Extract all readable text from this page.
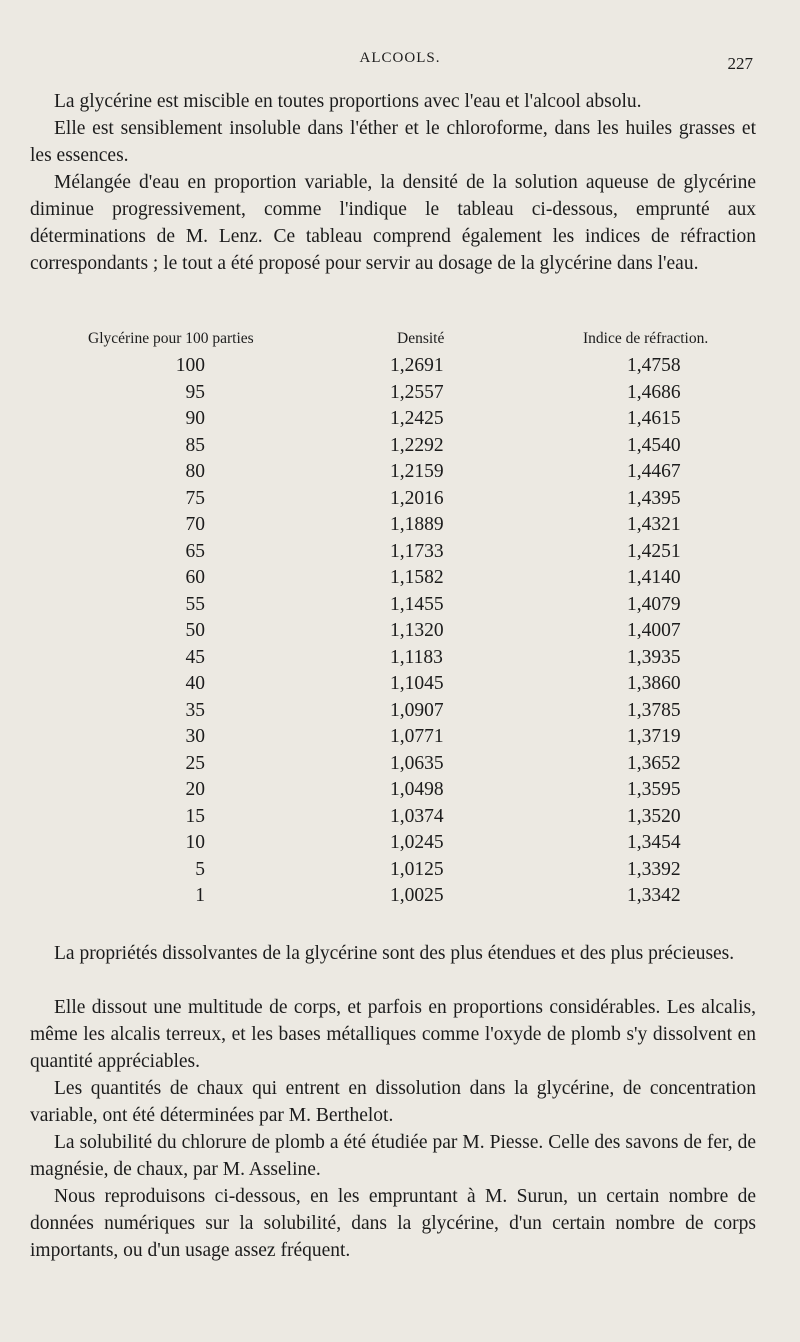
ALCOOLS.	227

La glycérine est miscible en toutes proportions avec l'eau et l'alcool absolu.

Elle est sensiblement insoluble dans l'éther et le chloroforme, dans les huiles grasses et les essences.

Mélangée d'eau en proportion variable, la densité de la solution aqueuse de glycérine diminue progressivement, comme l'indique le tableau ci-dessous, emprunté aux déterminations de M. Lenz. Ce tableau comprend également les indices de réfraction correspondants ; le tout a été proposé pour servir au dosage de la glycérine dans l'eau.

Glycérine pour 100 parties	Densité	Indice de réfraction.
100	1,2691	1,4758
95	1,2557	1,4686
90	1,2425	1,4615
85	1,2292	1,4540
80	1,2159	1,4467
75	1,2016	1,4395
70	1,1889	1,4321
65	1,1733	1,4251
60	1,1582	1,4140
55	1,1455	1,4079
50	1,1320	1,4007
45	1,1183	1,3935
40	1,1045	1,3860
35	1,0907	1,3785
30	1,0771	1,3719
25	1,0635	1,3652
20	1,0498	1,3595
15	1,0374	1,3520
10	1,0245	1,3454
5	1,0125	1,3392
1	1,0025	1,3342

La propriétés dissolvantes de la glycérine sont des plus étendues et des plus précieuses.

Elle dissout une multitude de corps, et parfois en proportions considérables. Les alcalis, même les alcalis terreux, et les bases métalliques comme l'oxyde de plomb s'y dissolvent en quantité appréciables.

Les quantités de chaux qui entrent en dissolution dans la glycérine, de concentration variable, ont été déterminées par M. Berthelot.

La solubilité du chlorure de plomb a été étudiée par M. Piesse. Celle des savons de fer, de magnésie, de chaux, par M. Asseline.

Nous reproduisons ci-dessous, en les empruntant à M. Surun, un certain nombre de données numériques sur la solubilité, dans la glycérine, d'un certain nombre de corps importants, ou d'un usage assez fréquent.
